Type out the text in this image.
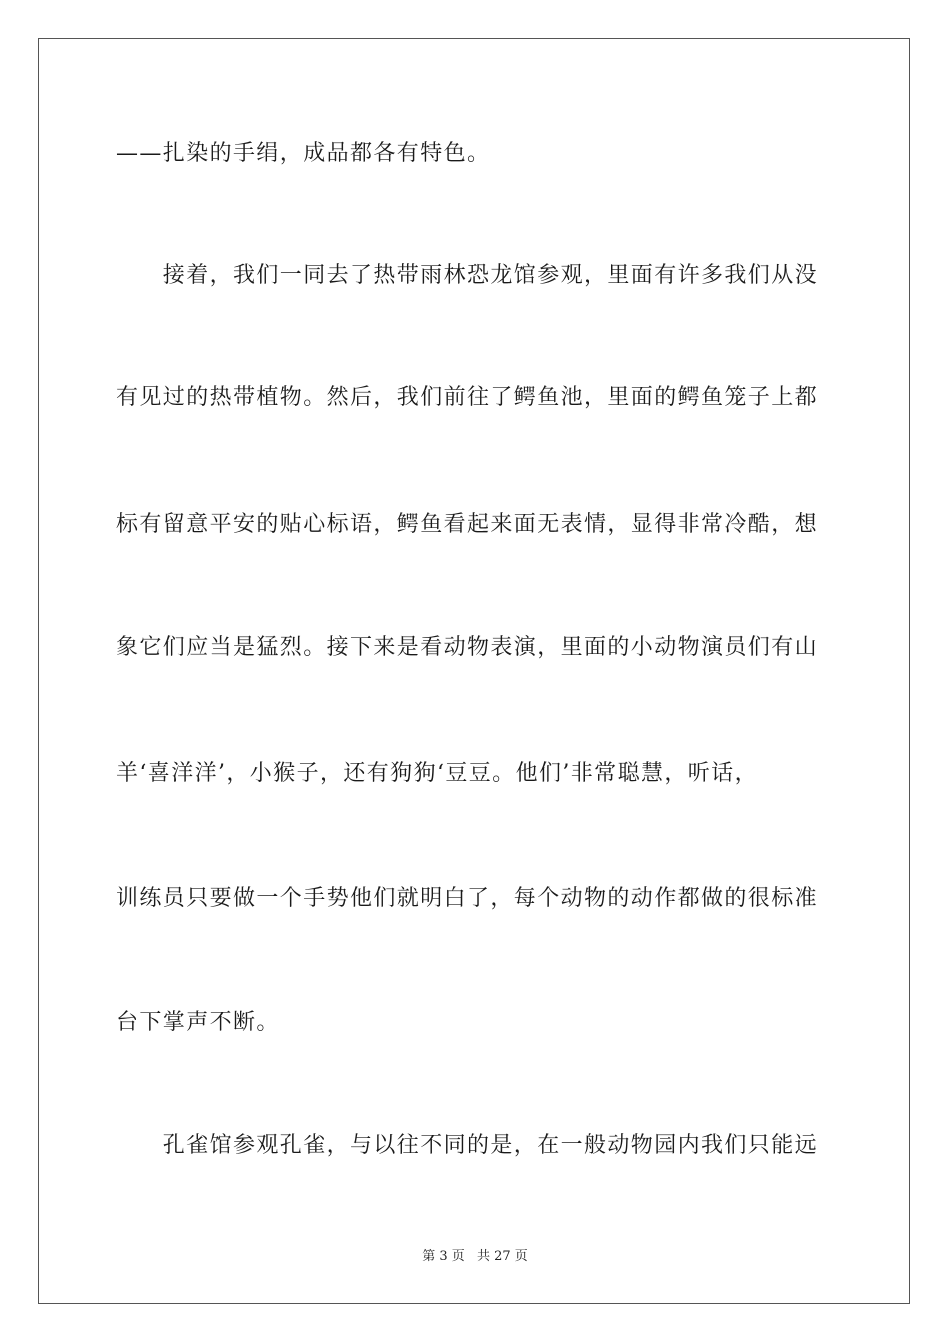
——扎染的手绢，成品都各有特色。
　　接着，我们一同去了热带雨林恐龙馆参观，里面有许多我们从没
有见过的热带植物。然后，我们前往了鳄鱼池，里面的鳄鱼笼子上都
标有留意平安的贴心标语，鳄鱼看起来面无表情，显得非常冷酷，想
象它们应当是猛烈。接下来是看动物表演，里面的小动物演员们有山
羊‘喜洋洋’，小猴子，还有狗狗‘豆豆。他们’非常聪慧，听话，
训练员只要做一个手势他们就明白了，每个动物的动作都做的很标准
台下掌声不断。
　　孔雀馆参观孔雀，与以往不同的是，在一般动物园内我们只能远
第 3 页 共 27 页
